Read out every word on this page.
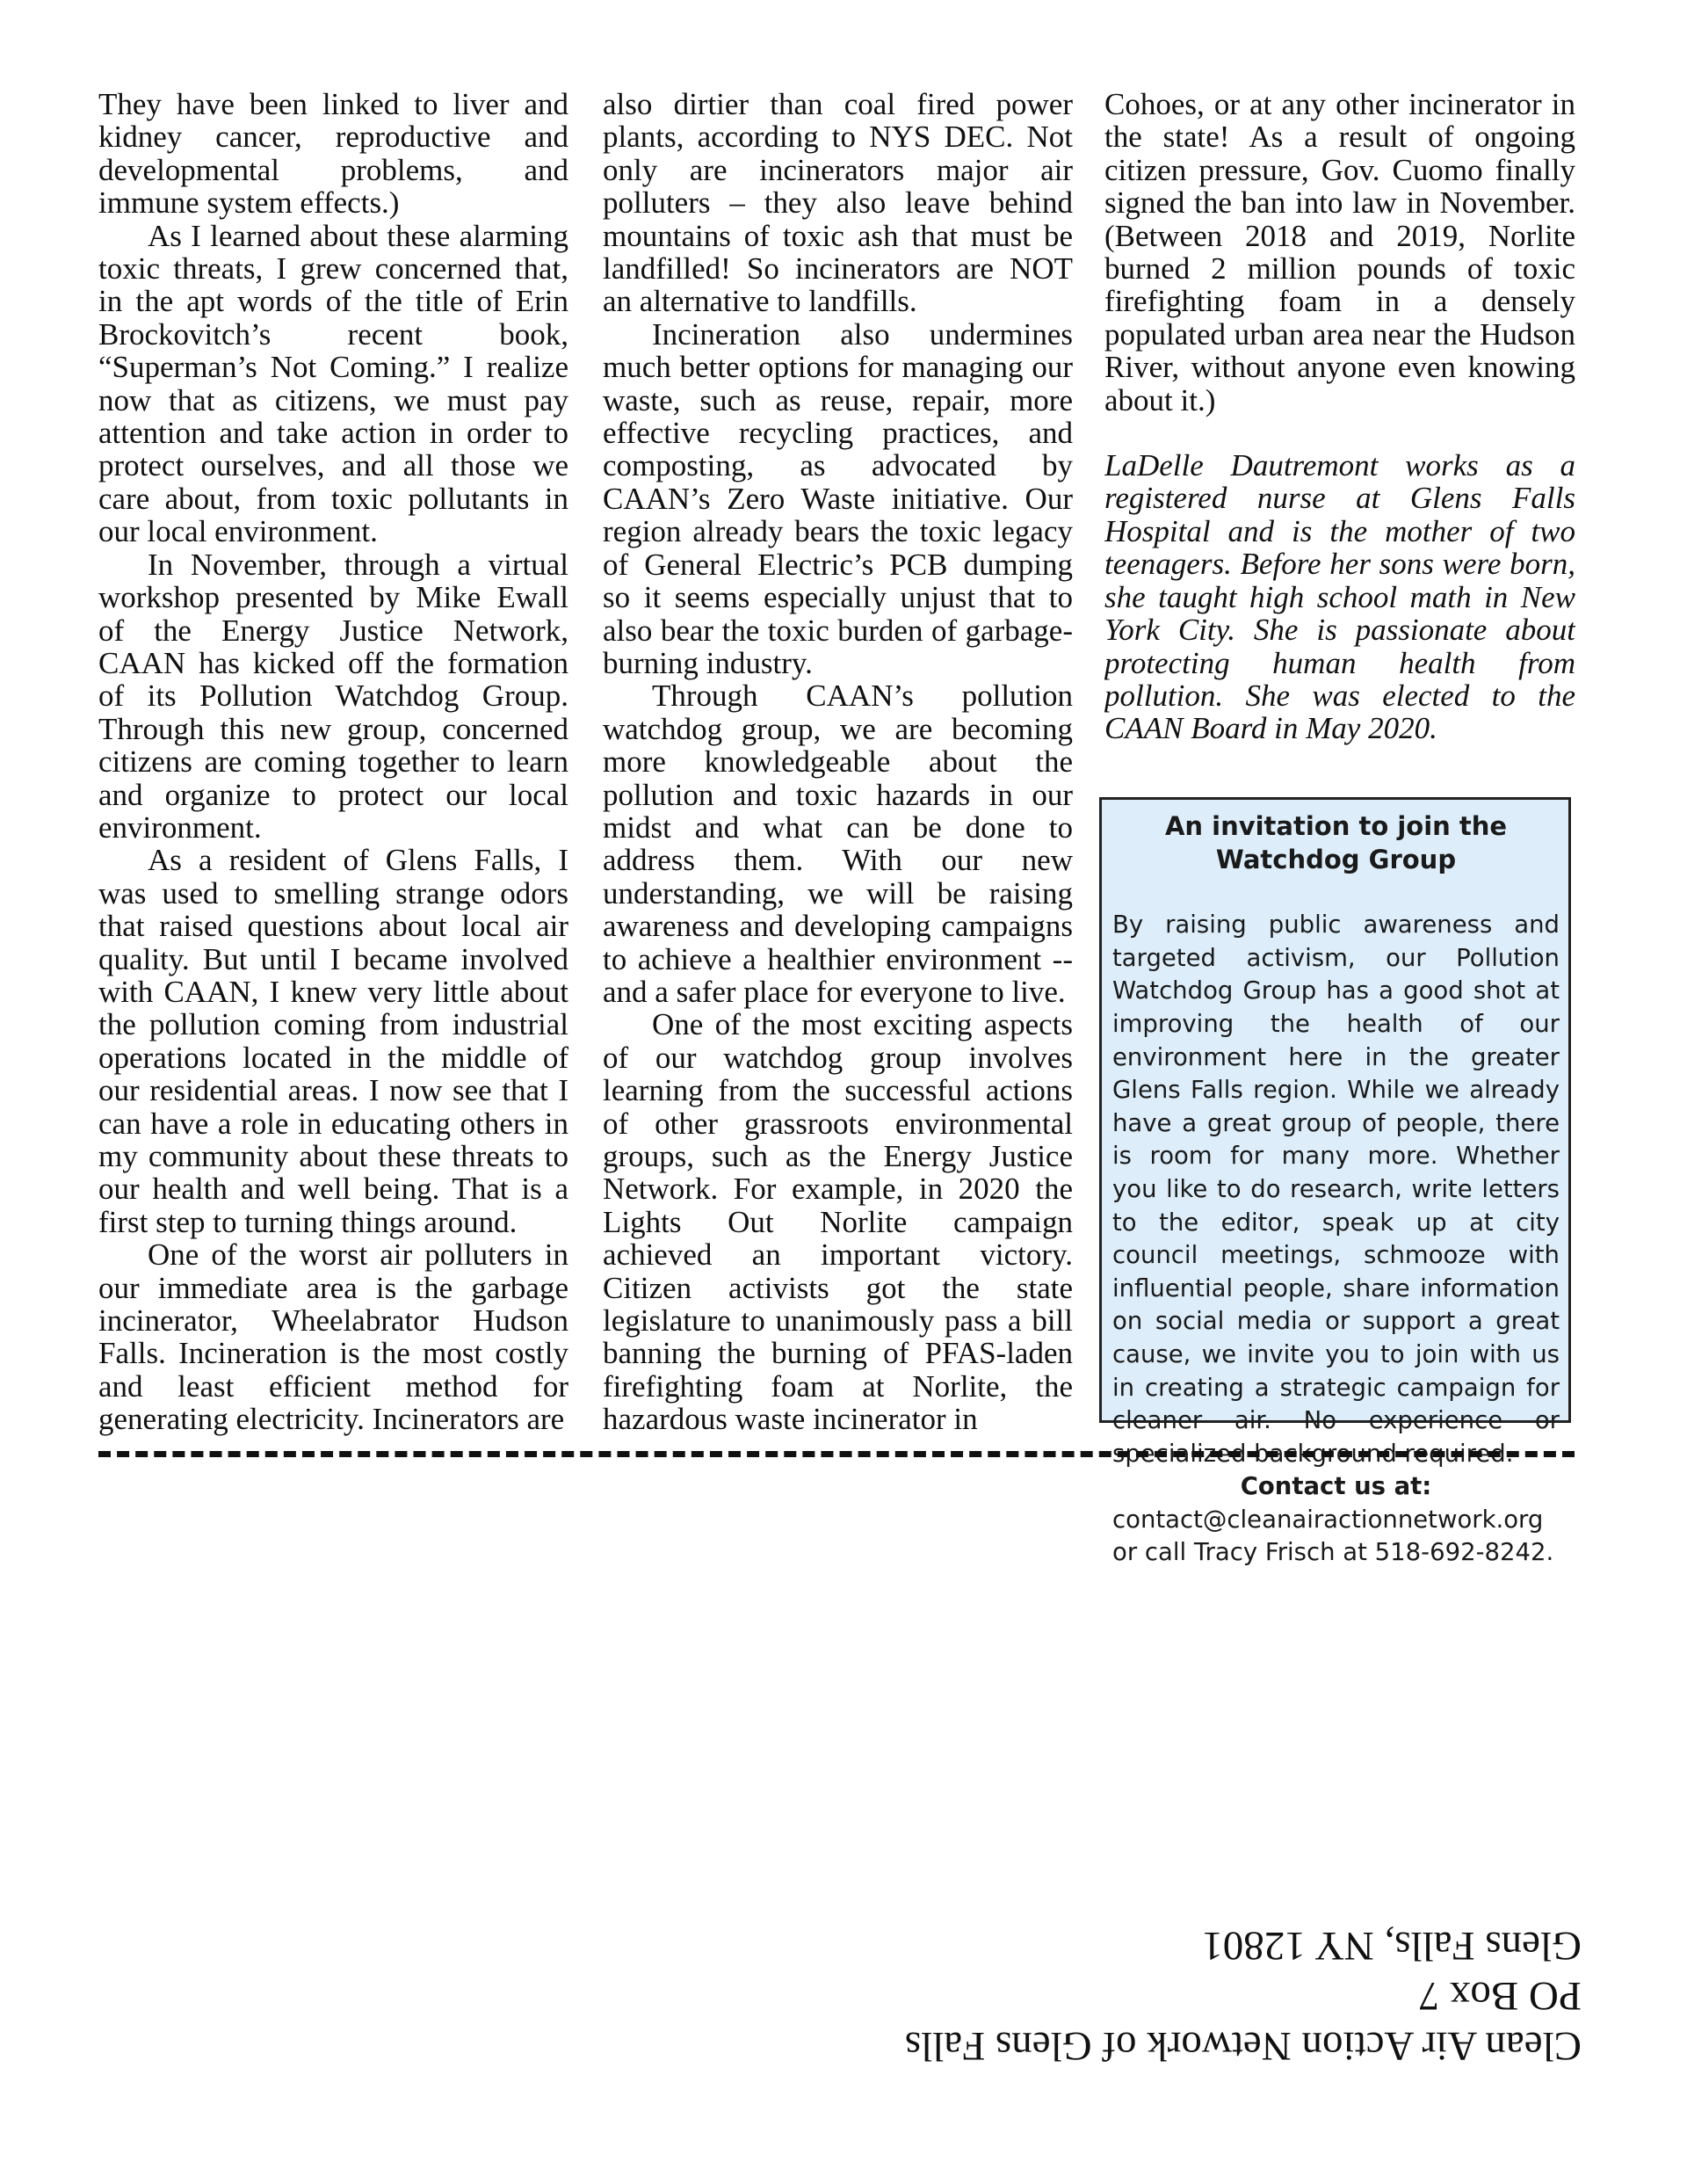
They have been linked to liver and kidney cancer, reproductive and developmental problems, and immune system effects.)

As I learned about these alarming toxic threats, I grew concerned that, in the apt words of the title of Erin Brockovitch’s recent book, “Superman’s Not Coming.” I realize now that as citizens, we must pay attention and take action in order to protect ourselves, and all those we care about, from toxic pollutants in our local environment.

In November, through a virtual workshop presented by Mike Ewall of the Energy Justice Network, CAAN has kicked off the formation of its Pollution Watchdog Group. Through this new group, concerned citizens are coming together to learn and organize to protect our local environment.

As a resident of Glens Falls, I was used to smelling strange odors that raised questions about local air quality. But until I became involved with CAAN, I knew very little about the pollution coming from industrial operations located in the middle of our residential areas. I now see that I can have a role in educating others in my community about these threats to our health and well being. That is a first step to turning things around.

One of the worst air polluters in our immediate area is the garbage incinerator, Wheelabrator Hudson Falls. Incineration is the most costly and least efficient method for generating electricity. Incinerators are

also dirtier than coal fired power plants, according to NYS DEC. Not only are incinerators major air polluters – they also leave behind mountains of toxic ash that must be landfilled! So incinerators are NOT an alternative to landfills.

Incineration also undermines much better options for managing our waste, such as reuse, repair, more effective recycling practices, and composting, as advocated by CAAN’s Zero Waste initiative. Our region already bears the toxic legacy of General Electric’s PCB dumping so it seems especially unjust that to also bear the toxic burden of garbage-burning industry.

Through CAAN’s pollution watchdog group, we are becoming more knowledgeable about the pollution and toxic hazards in our midst and what can be done to address them. With our new understanding, we will be raising awareness and developing campaigns to achieve a healthier environment -- and a safer place for everyone to live.

One of the most exciting aspects of our watchdog group involves learning from the successful actions of other grassroots environmental groups, such as the Energy Justice Network. For example, in 2020 the Lights Out Norlite campaign achieved an important victory. Citizen activists got the state legislature to unanimously pass a bill banning the burning of PFAS-laden firefighting foam at Norlite, the hazardous waste incinerator in

Cohoes, or at any other incinerator in the state! As a result of ongoing citizen pressure, Gov. Cuomo finally signed the ban into law in November. (Between 2018 and 2019, Norlite burned 2 million pounds of toxic firefighting foam in a densely populated urban area near the Hudson River, without anyone even knowing about it.)

LaDelle Dautremont works as a registered nurse at Glens Falls Hospital and is the mother of two teenagers. Before her sons were born, she taught high school math in New York City. She is passionate about protecting human health from pollution. She was elected to the CAAN Board in May 2020.

An invitation to join the Watchdog Group

By raising public awareness and targeted activism, our Pollution Watchdog Group has a good shot at improving the health of our environment here in the greater Glens Falls region. While we already have a great group of people, there is room for many more. Whether you like to do research, write letters to the editor, speak up at city council meetings, schmooze with influential people, share information on social media or support a great cause, we invite you to join with us in creating a strategic campaign for cleaner air. No experience or specialized background required.

Contact us at:

contact@cleanairactionnetwork.org or call Tracy Frisch at 518-692-8242.

Clean Air Action Network of Glens Falls
PO Box 7
Glens Falls, NY 12801
